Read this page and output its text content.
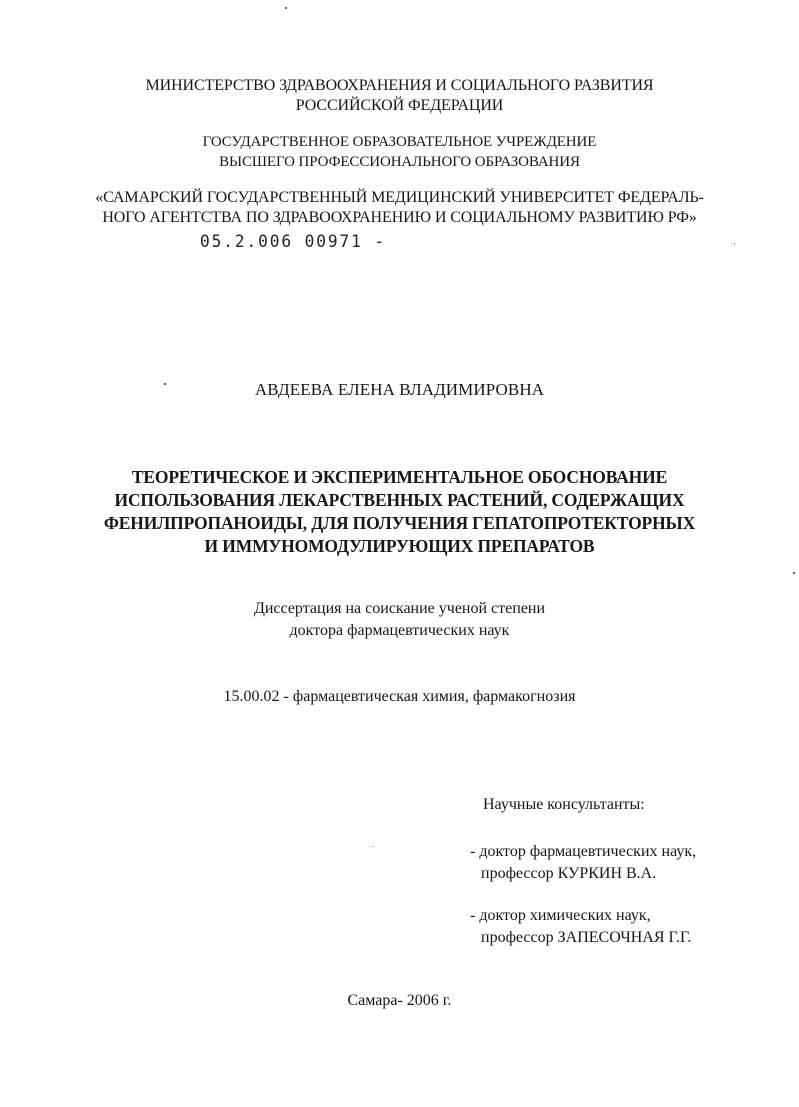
МИНИСТЕРСТВО ЗДРАВООХРАНЕНИЯ И СОЦИАЛЬНОГО РАЗВИТИЯ
РОССИЙСКОЙ ФЕДЕРАЦИИ
ГОСУДАРСТВЕННОЕ ОБРАЗОВАТЕЛЬНОЕ УЧРЕЖДЕНИЕ
ВЫСШЕГО ПРОФЕССИОНАЛЬНОГО ОБРАЗОВАНИЯ
«САМАРСКИЙ ГОСУДАРСТВЕННЫЙ МЕДИЦИНСКИЙ УНИВЕРСИТЕТ ФЕДЕРАЛЬ-
НОГО АГЕНТСТВА ПО ЗДРАВООХРАНЕНИЮ И СОЦИАЛЬНОМУ РАЗВИТИЮ РФ»
05.2.006 00971 -
АВДЕЕВА ЕЛЕНА ВЛАДИМИРОВНА
ТЕОРЕТИЧЕСКОЕ И ЭКСПЕРИМЕНТАЛЬНОЕ ОБОСНОВАНИЕ
ИСПОЛЬЗОВАНИЯ ЛЕКАРСТВЕННЫХ РАСТЕНИЙ, СОДЕРЖАЩИХ
ФЕНИЛПРОПАНОИДЫ, ДЛЯ ПОЛУЧЕНИЯ ГЕПАТОПРОТЕКТОРНЫХ
И ИММУНОМОДУЛИРУЮЩИХ ПРЕПАРАТОВ
Диссертация на соискание ученой степени
доктора фармацевтических наук
15.00.02 - фармацевтическая химия, фармакогнозия
Научные консультанты:
- доктор фармацевтических наук,
профессор КУРКИН В.А.
- доктор химических наук,
профессор ЗАПЕСОЧНАЯ Г.Г.
Самара- 2006 г.
